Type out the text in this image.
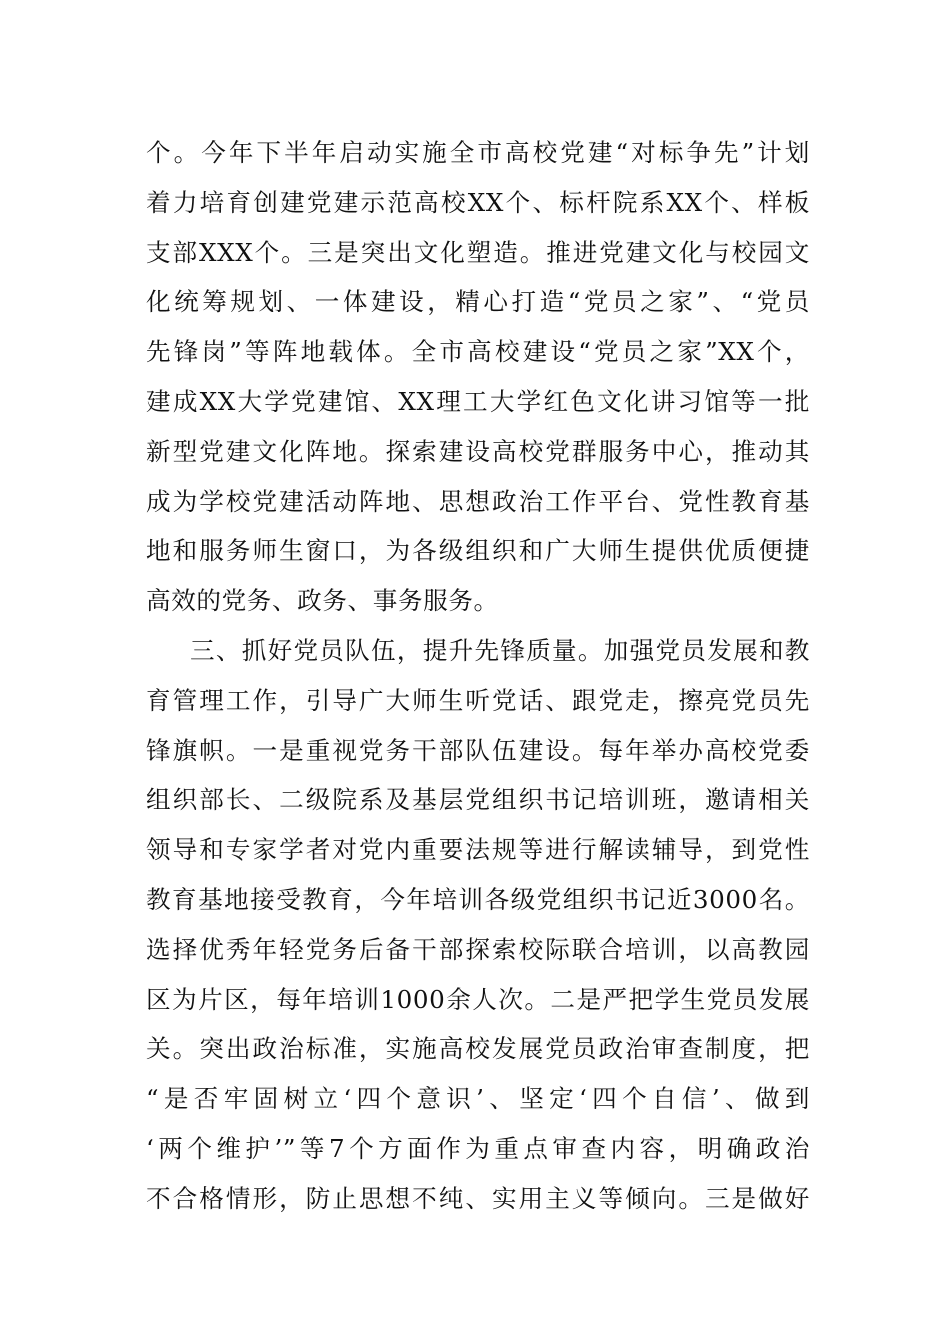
个。今年下半年启动实施全市高校党建“对标争先”计划
着力培育创建党建示范高校XX个、标杆院系XX个、样板
支部XXX个。三是突出文化塑造。推进党建文化与校园文
化统筹规划、一体建设，精心打造“党员之家”、“党员
先锋岗”等阵地载体。全市高校建设“党员之家”XX个，
建成XX大学党建馆、XX理工大学红色文化讲习馆等一批
新型党建文化阵地。探索建设高校党群服务中心，推动其
成为学校党建活动阵地、思想政治工作平台、党性教育基
地和服务师生窗口，为各级组织和广大师生提供优质便捷
高效的党务、政务、事务服务。
三、抓好党员队伍，提升先锋质量。加强党员发展和教
育管理工作，引导广大师生听党话、跟党走，擦亮党员先
锋旗帜。一是重视党务干部队伍建设。每年举办高校党委
组织部长、二级院系及基层党组织书记培训班，邀请相关
领导和专家学者对党内重要法规等进行解读辅导，到党性
教育基地接受教育，今年培训各级党组织书记近3000名。
选择优秀年轻党务后备干部探索校际联合培训，以高教园
区为片区，每年培训1000余人次。二是严把学生党员发展
关。突出政治标准，实施高校发展党员政治审查制度，把
“是否牢固树立‘四个意识’、坚定‘四个自信’、做到
‘两个维护’”等7个方面作为重点审查内容，明确政治
不合格情形，防止思想不纯、实用主义等倾向。三是做好
